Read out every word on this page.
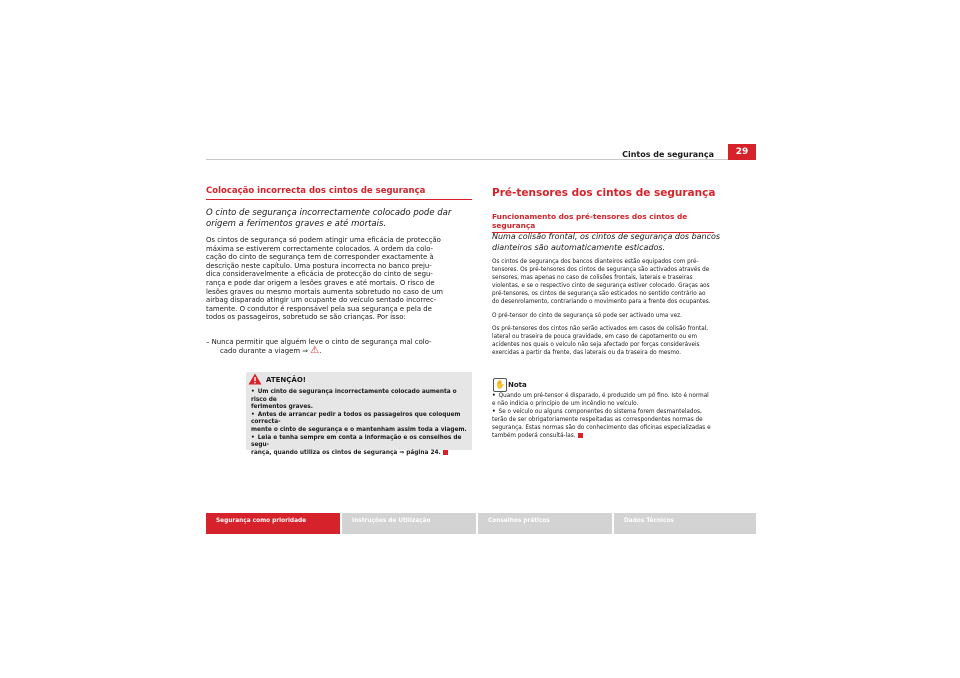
Cintos de segurança	29
Colocação incorrecta dos cintos de segurança
O cinto de segurança incorrectamente colocado pode dar
origem a ferimentos graves e até mortais.
Os cintos de segurança só podem atingir uma eficácia de protecção
máxima se estiverem correctamente colocados. A ordem da colo-
cação do cinto de segurança tem de corresponder exactamente à
descrição neste capítulo. Uma postura incorrecta no banco preju-
dica consideravelmente a eficácia de protecção do cinto de segu-
rança e pode dar origem a lesões graves e até mortais. O risco de
lesões graves ou mesmo mortais aumenta sobretudo no caso de um
airbag disparado atingir um ocupante do veículo sentado incorrec-
tamente. O condutor é responsável pela sua segurança e pela de
todos os passageiros, sobretudo se são crianças. Por isso:
– Nunca permitir que alguém leve o cinto de segurança mal colo-
cado durante a viagem ⇒ ⚠.
ATENÇÃO!
• Um cinto de segurança incorrectamente colocado aumenta o risco de
ferimentos graves.
• Antes de arrancar pedir a todos os passageiros que coloquem correcta-
mente o cinto de segurança e o mantenham assim toda a viagem.
• Leia e tenha sempre em conta a informação e os conselhos de segu-
rança, quando utiliza os cintos de segurança ⇒ página 24.
Pré-tensores dos cintos de segurança
Funcionamento dos pré-tensores dos cintos de segurança
Numa colisão frontal, os cintos de segurança dos bancos
dianteiros são automaticamente esticados.
Os cintos de segurança dos bancos dianteiros estão equipados com pré-
tensores. Os pré-tensores dos cintos de segurança são activados através de
sensores, mas apenas no caso de colisões frontais, laterais e traseiras
violentas, e se o respectivo cinto de segurança estiver colocado. Graças aos
pré-tensores, os cintos de segurança são esticados no sentido contrário ao
do desenrolamento, contrariando o movimento para a frente dos ocupantes.
O pré-tensor do cinto de segurança só pode ser activado uma vez.
Os pré-tensores dos cintos não serão activados em casos de colisão frontal,
lateral ou traseira de pouca gravidade, em caso de capotamento ou em
acidentes nos quais o veículo não seja afectado por forças consideráveis
exercidas a partir da frente, das laterais ou da traseira do mesmo.
✋ Nota
• Quando um pré-tensor é disparado, é produzido um pó fino. Isto é normal
e não indicia o princípio de um incêndio no veículo.
• Se o veículo ou alguns componentes do sistema forem desmantelados,
terão de ser obrigatoriamente respeitadas as correspondentes normas de
segurança. Estas normas são do conhecimento das oficinas especializadas e
também poderá consultá-las.
Segurança como prioridade	Instruções de Utilização	Conselhos práticos	Dados Técnicos
